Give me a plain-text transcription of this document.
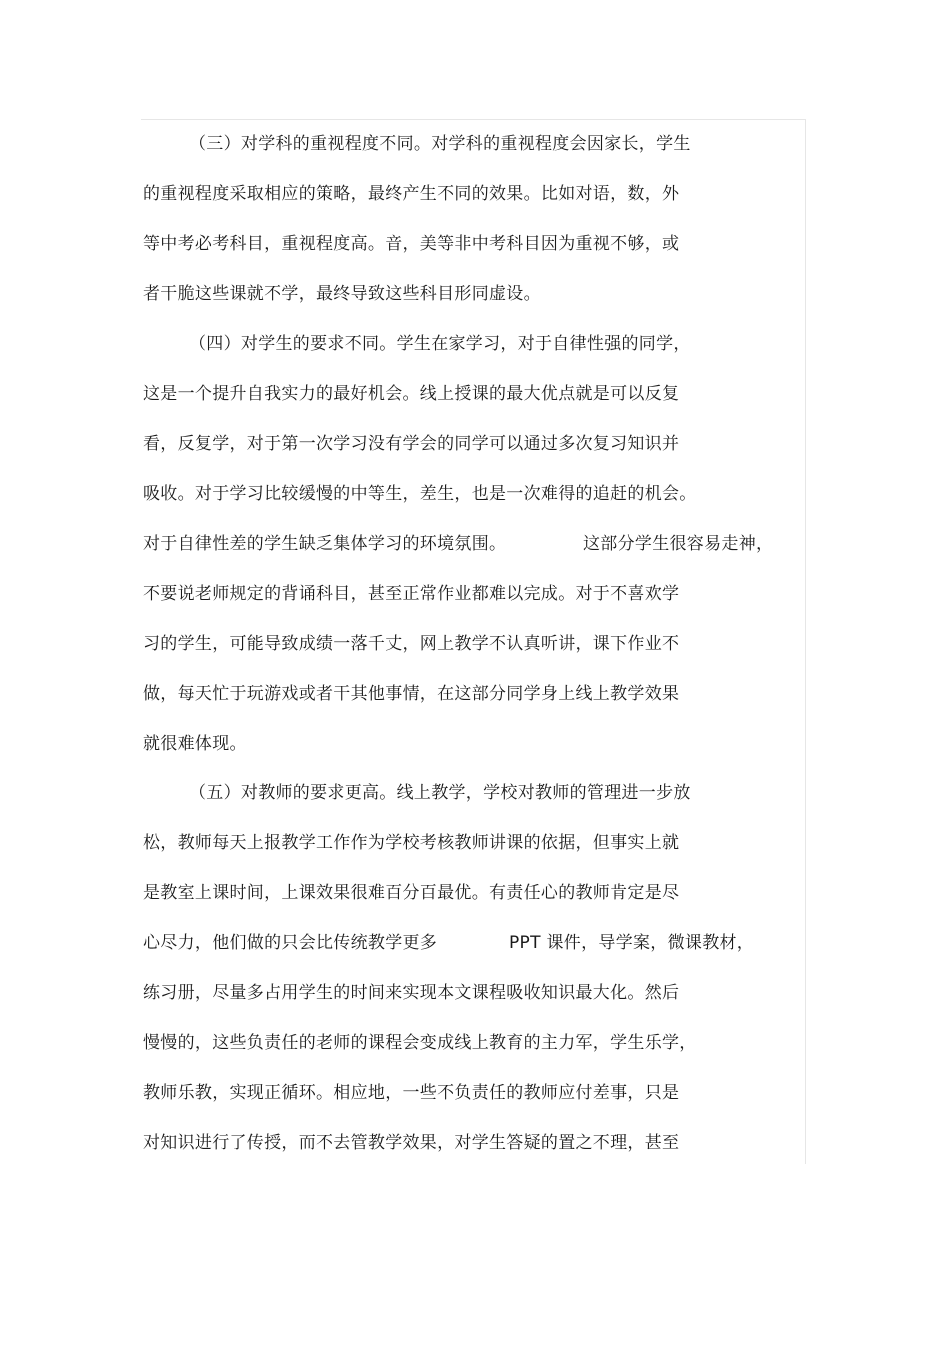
（三）对学科的重视程度不同。对学科的重视程度会因家长，学生
的重视程度采取相应的策略，最终产生不同的效果。比如对语，数，外
等中考必考科目，重视程度高。音，美等非中考科目因为重视不够，或
者干脆这些课就不学，最终导致这些科目形同虚设。
（四）对学生的要求不同。学生在家学习，对于自律性强的同学，
这是一个提升自我实力的最好机会。线上授课的最大优点就是可以反复
看，反复学，对于第一次学习没有学会的同学可以通过多次复习知识并
吸收。对于学习比较缓慢的中等生，差生，也是一次难得的追赶的机会。
对于自律性差的学生缺乏集体学习的环境氛围。	这部分学生很容易走神，
不要说老师规定的背诵科目，甚至正常作业都难以完成。对于不喜欢学
习的学生，可能导致成绩一落千丈，网上教学不认真听讲，课下作业不
做，每天忙于玩游戏或者干其他事情，在这部分同学身上线上教学效果
就很难体现。
（五）对教师的要求更高。线上教学，学校对教师的管理进一步放
松，教师每天上报教学工作作为学校考核教师讲课的依据，但事实上就
是教室上课时间，上课效果很难百分百最优。有责任心的教师肯定是尽
心尽力，他们做的只会比传统教学更多	PPT 课件，导学案，微课教材，
练习册，尽量多占用学生的时间来实现本文课程吸收知识最大化。然后
慢慢的，这些负责任的老师的课程会变成线上教育的主力军，学生乐学，
教师乐教，实现正循环。相应地，一些不负责任的教师应付差事，只是
对知识进行了传授，而不去管教学效果，对学生答疑的置之不理，甚至
